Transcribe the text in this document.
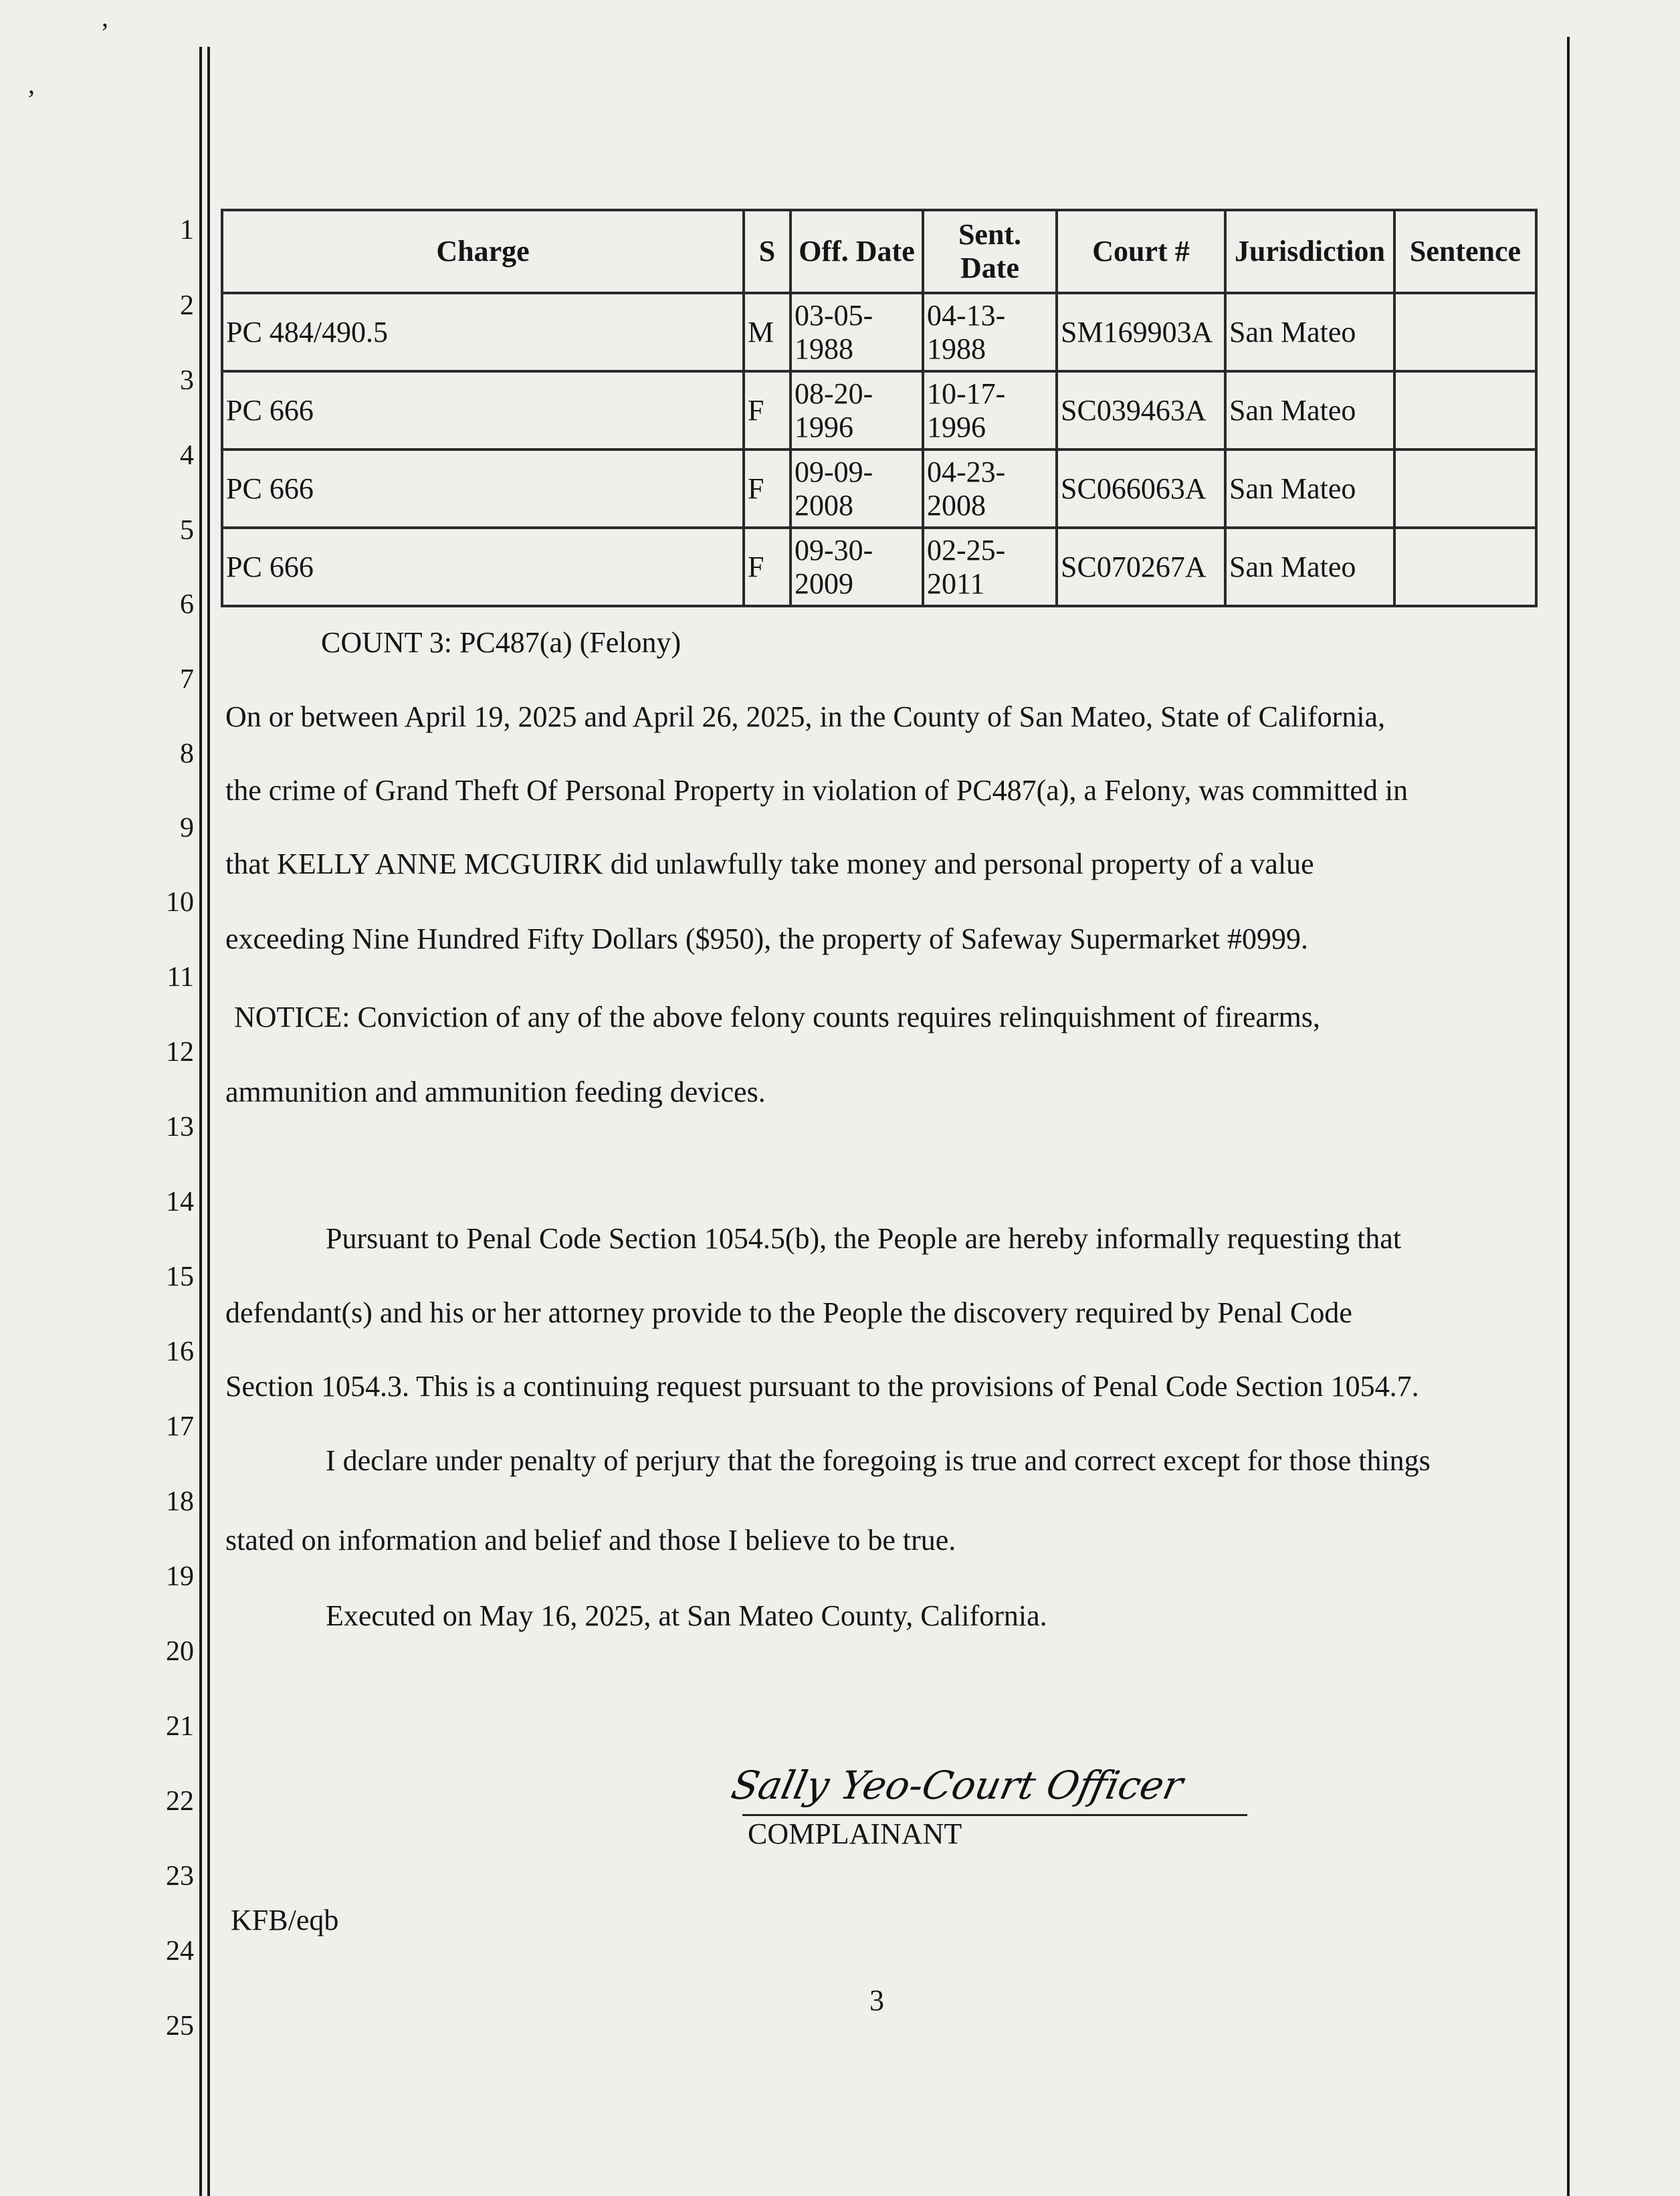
’
’
1
2
3
4
5
6
7
8
9
10
11
12
13
14
15
16
17
18
19
20
21
22
23
24
25
Charge	S	Off. Date	Sent. Date	Court #	Jurisdiction	Sentence
PC 484/490.5	M	03-05-1988	04-13-1988	SM169903A	San Mateo	
PC 666	F	08-20-1996	10-17-1996	SC039463A	San Mateo	
PC 666	F	09-09-2008	04-23-2008	SC066063A	San Mateo	
PC 666	F	09-30-2009	02-25-2011	SC070267A	San Mateo	
COUNT 3: PC487(a) (Felony)
On or between April 19, 2025 and April 26, 2025, in the County of San Mateo, State of California,
the crime of Grand Theft Of Personal Property in violation of PC487(a), a Felony, was committed in
that KELLY ANNE MCGUIRK did unlawfully take money and personal property of a value
exceeding Nine Hundred Fifty Dollars ($950), the property of Safeway Supermarket #0999.
NOTICE: Conviction of any of the above felony counts requires relinquishment of firearms,
ammunition and ammunition feeding devices.
Pursuant to Penal Code Section 1054.5(b), the People are hereby informally requesting that
defendant(s) and his or her attorney provide to the People the discovery required by Penal Code
Section 1054.3. This is a continuing request pursuant to the provisions of Penal Code Section 1054.7.
I declare under penalty of perjury that the foregoing is true and correct except for those things
stated on information and belief and those I believe to be true.
Executed on May 16, 2025, at San Mateo County, California.
Sally Yeo-Court Officer
COMPLAINANT
KFB/eqb
3
